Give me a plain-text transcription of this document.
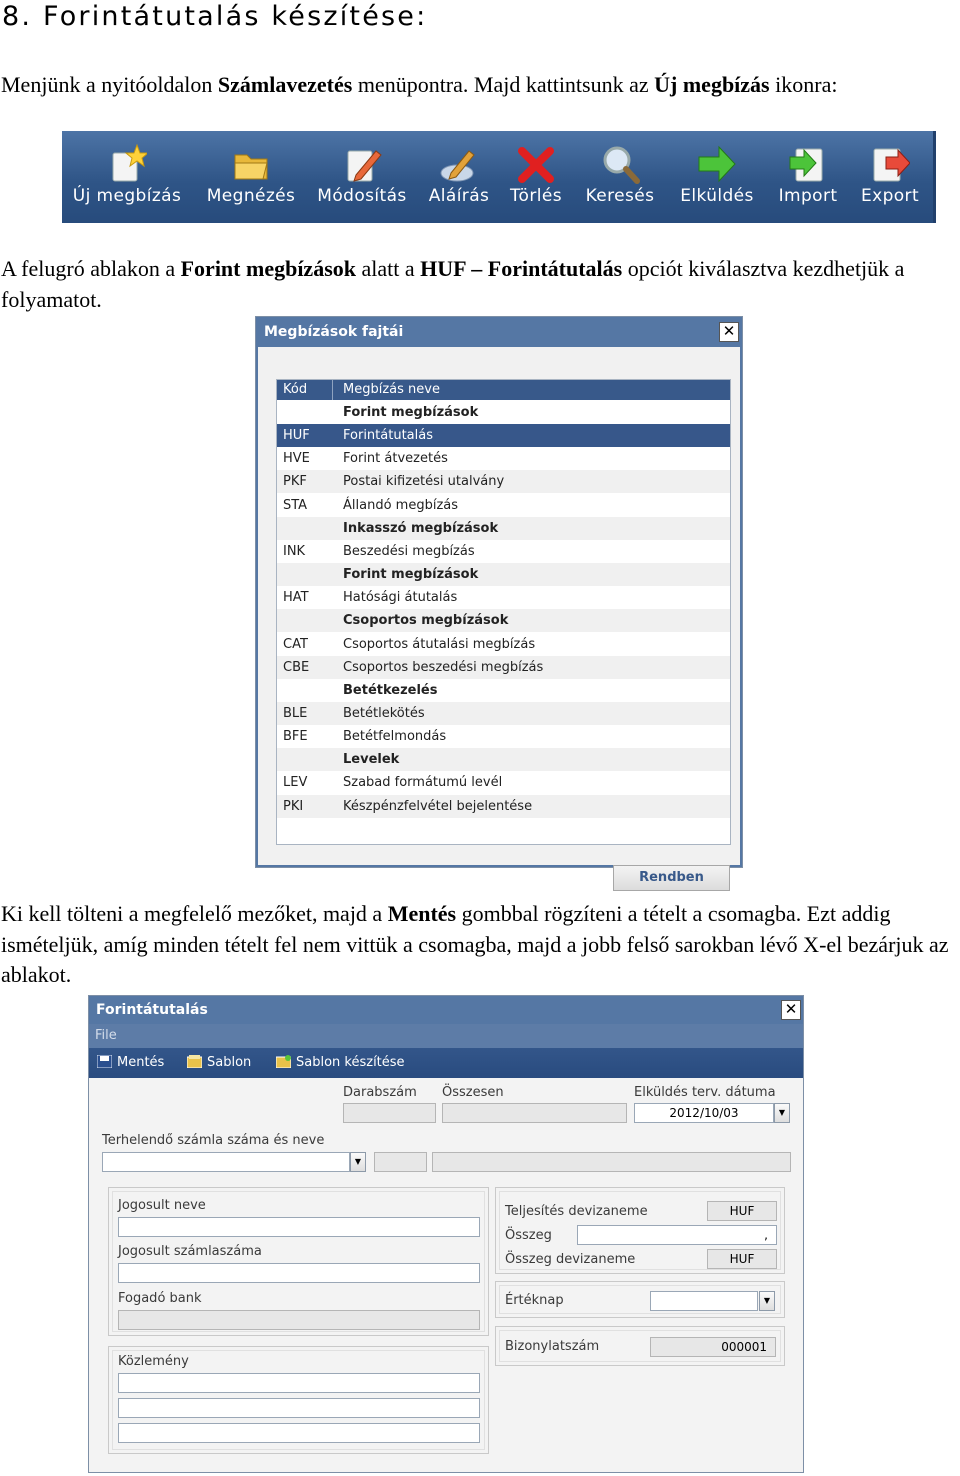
8. Forintátutalás készítése:

Menjünk a nyitóoldalon Számlavezetés menüpontra. Majd kattintsunk az Új megbízás ikonra:

Új megbízás	Megnézés	Módosítás	Aláírás	Törlés	Keresés	Elküldés	Import	Export

A felugró ablakon a Forint megbízások alatt a HUF – Forintátutalás opciót kiválasztva kezdhetjük a folyamatot.

Megbízások fajtái	✕
Kód	Megbízás neve
Forint megbízások
HUF	Forintátutalás
HVE	Forint átvezetés
PKF	Postai kifizetési utalvány
STA	Állandó megbízás
Inkasszó megbízások
INK	Beszedési megbízás
Forint megbízások
HAT	Hatósági átutalás
Csoportos megbízások
CAT	Csoportos átutalási megbízás
CBE	Csoportos beszedési megbízás
Betétkezelés
BLE	Betétlekötés
BFE	Betétfelmondás
Levelek
LEV	Szabad formátumú levél
PKI	Készpénzfelvétel bejelentése
Rendben

Ki kell tölteni a megfelelő mezőket, majd a Mentés gombbal rögzíteni a tételt a csomagba. Ezt addig ismételjük, amíg minden tételt fel nem vittük a csomagba, majd a jobb felső sarokban lévő X-el bezárjuk az ablakot.

Forintátutalás	✕
File
Mentés	Sablon	Sablon készítése
Darabszám Összesen	Elküldés terv. dátuma
2012/10/03	▼
Terhelendő számla száma és neve
▼
Jogosult neve
Jogosult számlaszáma
Fogadó bank
Közlemény
Teljesítés devizaneme	HUF
Összeg	,
Összeg devizaneme	HUF
Értéknap	▼
Bizonylatszám	000001
